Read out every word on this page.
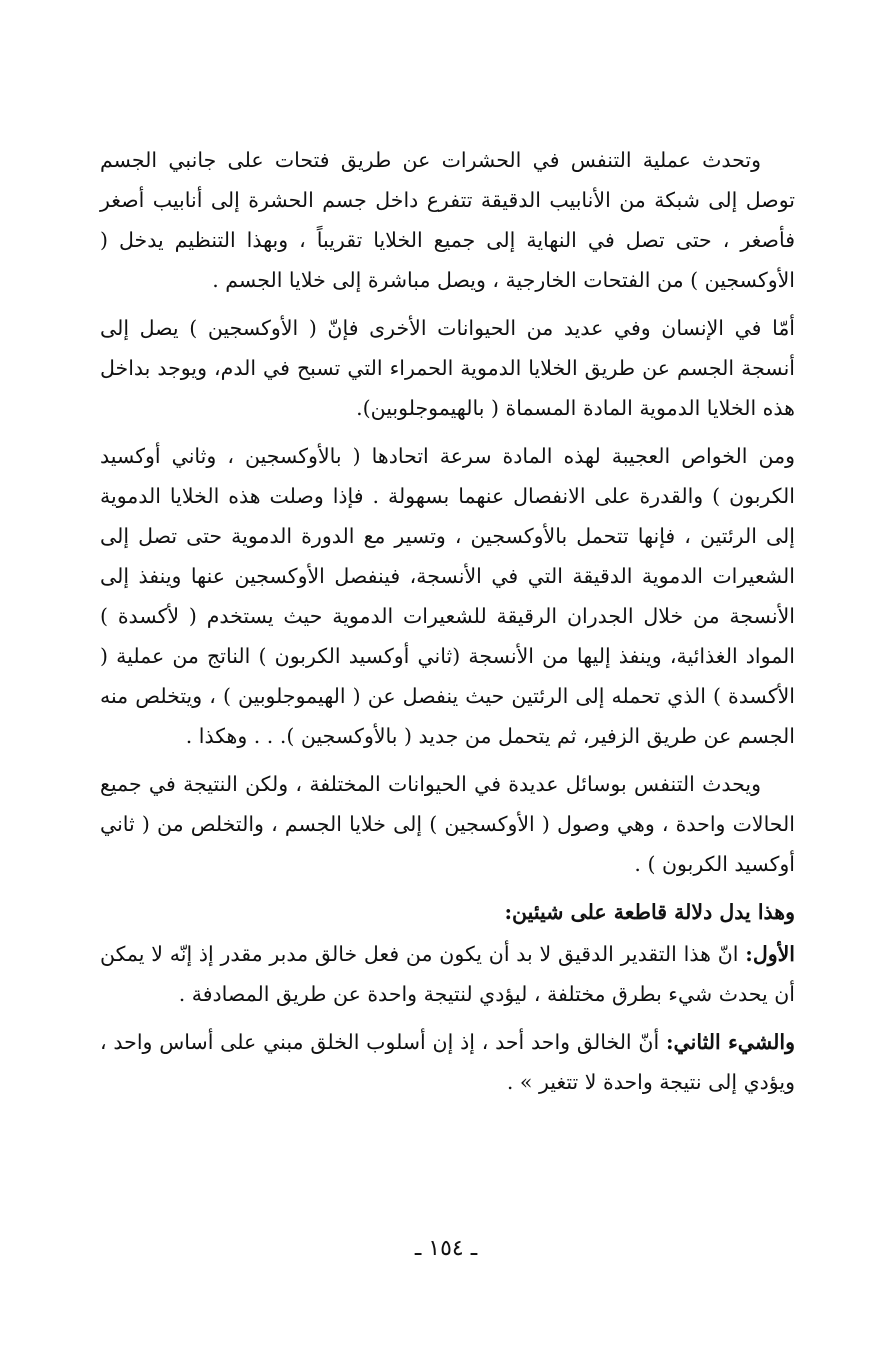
وتحدث عملية التنفس في الحشرات عن طريق فتحات على جانبي الجسم توصل إلى شبكة من الأنابيب الدقيقة تتفرع داخل جسم الحشرة إلى أنابيب أصغر فأصغر ، حتى تصل في النهاية إلى جميع الخلايا تقريباً ، وبهذا التنظيم يدخل ( الأوكسجين ) من الفتحات الخارجية ، ويصل مباشرة إلى خلايا الجسم .

أمّا في الإنسان وفي عديد من الحيوانات الأخرى فإنّ ( الأوكسجين ) يصل إلى أنسجة الجسم عن طريق الخلايا الدموية الحمراء التي تسبح في الدم، ويوجد بداخل هذه الخلايا الدموية المادة المسماة ( بالهيموجلوبين).

ومن الخواص العجيبة لهذه المادة سرعة اتحادها ( بالأوكسجين ، وثاني أوكسيد الكربون ) والقدرة على الانفصال عنهما بسهولة . فإذا وصلت هذه الخلايا الدموية إلى الرئتين ، فإنها تتحمل بالأوكسجين ، وتسير مع الدورة الدموية حتى تصل إلى الشعيرات الدموية الدقيقة التي في الأنسجة، فينفصل الأوكسجين عنها وينفذ إلى الأنسجة من خلال الجدران الرقيقة للشعيرات الدموية حيث يستخدم ( لأكسدة ) المواد الغذائية، وينفذ إليها من الأنسجة (ثاني أوكسيد الكربون ) الناتج من عملية ( الأكسدة ) الذي تحمله إلى الرئتين حيث ينفصل عن ( الهيموجلوبين ) ، ويتخلص منه الجسم عن طريق الزفير، ثم يتحمل من جديد ( بالأوكسجين ). . . وهكذا .

ويحدث التنفس بوسائل عديدة في الحيوانات المختلفة ، ولكن النتيجة في جميع الحالات واحدة ، وهي وصول ( الأوكسجين ) إلى خلايا الجسم ، والتخلص من ( ثاني أوكسيد الكربون ) .

وهذا يدل دلالة قاطعة على شيئين:

الأول: انّ هذا التقدير الدقيق لا بد أن يكون من فعل خالق مدبر مقدر إذ إنّه لا يمكن أن يحدث شيء بطرق مختلفة ، ليؤدي لنتيجة واحدة عن طريق المصادفة .

والشيء الثاني: أنّ الخالق واحد أحد ، إذ إن أسلوب الخلق مبني على أساس واحد ، ويؤدي إلى نتيجة واحدة لا تتغير » .

ـ ١٥٤ ـ
